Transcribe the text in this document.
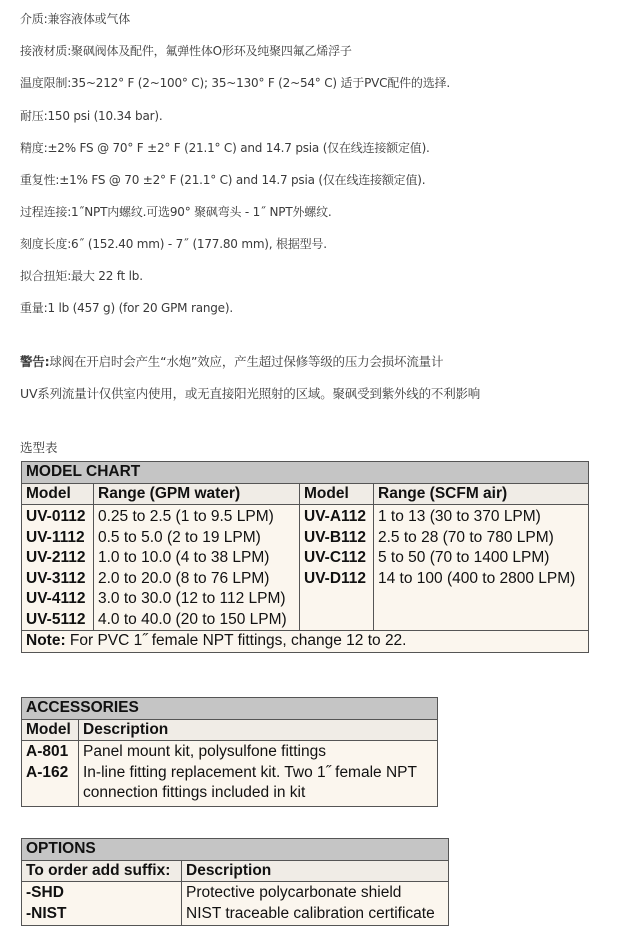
介质:兼容液体或气体
接液材质:聚砜阀体及配件，氟弹性体O形环及纯聚四氟乙烯浮子
温度限制:35~212° F (2~100° C); 35~130° F (2~54° C) 适于PVC配件的选择.
耐压:150 psi (10.34 bar).
精度:±2% FS @ 70° F ±2° F (21.1° C) and 14.7 psia (仅在线连接额定值).
重复性:±1% FS @ 70 ±2° F (21.1° C) and 14.7 psia (仅在线连接额定值).
过程连接:1˝NPT内螺纹.可选90° 聚砜弯头 - 1˝ NPT外螺纹.
刻度长度:6˝ (152.40 mm) - 7˝ (177.80 mm), 根据型号.
拟合扭矩:最大 22 ft lb.
重量:1 lb (457 g) (for 20 GPM range).
警告:球阀在开启时会产生“水炮”效应，产生超过保修等级的压力会损坏流量计
UV系列流量计仅供室内使用，或无直接阳光照射的区域。聚砜受到紫外线的不利影响
选型表
MODEL CHART			
Model	Range (GPM water)	Model	Range (SCFM air)
UV-0112	0.25 to 2.5 (1 to 9.5 LPM)	UV-A112	1 to 13 (30 to 370 LPM)
UV-1112	0.5 to 5.0 (2 to 19 LPM)	UV-B112	2.5 to 28 (70 to 780 LPM)
UV-2112	1.0 to 10.0 (4 to 38 LPM)	UV-C112	5 to 50 (70 to 1400 LPM)
UV-3112	2.0 to 20.0 (8 to 76 LPM)	UV-D112	14 to 100 (400 to 2800 LPM)
UV-4112	3.0 to 30.0 (12 to 112 LPM)		
UV-5112	4.0 to 40.0 (20 to 150 LPM)		
Note: For PVC 1˝ female NPT fittings, change 12 to 22.			
ACCESSORIES	
Model	Description
A-801	Panel mount kit, polysulfone fittings
A-162	In-line fitting replacement kit. Two 1˝ female NPT
	connection fittings included in kit
OPTIONS	
To order add suffix:	Description
-SHD	Protective polycarbonate shield
-NIST	NIST traceable calibration certificate
